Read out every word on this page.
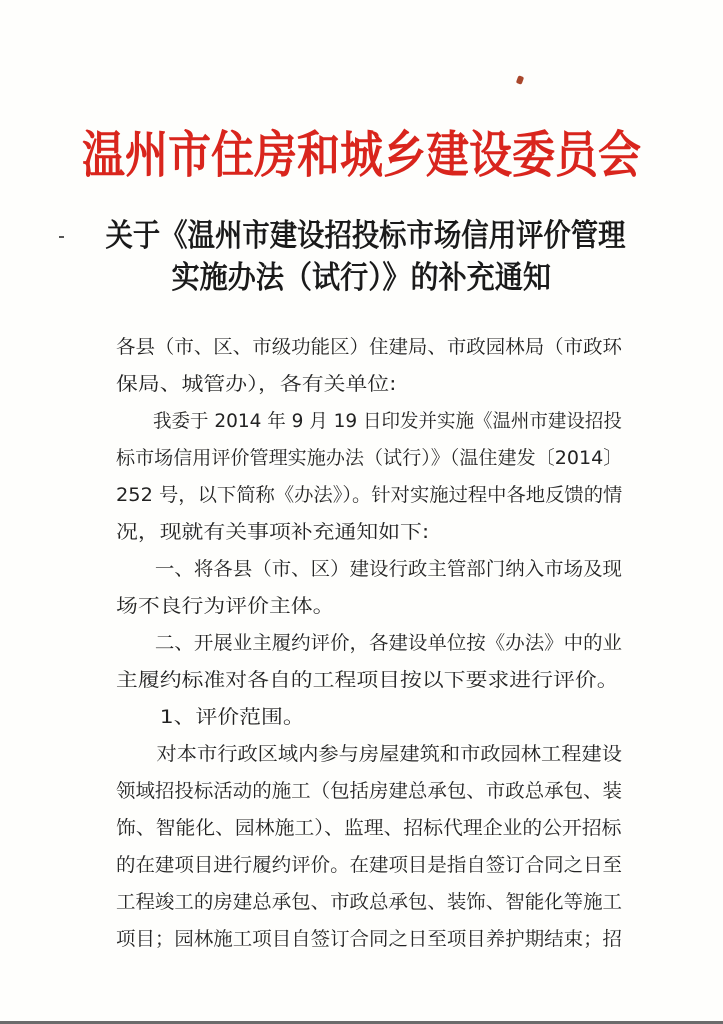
温州市住房和城乡建设委员会
关于《温州市建设招投标市场信用评价管理
实施办法（试行）》的补充通知
各县（市、区、市级功能区）住建局、市政园林局（市政环
保局、城管办），各有关单位:
　　我委于 2014 年 9 月 19 日印发并实施《温州市建设招投
标市场信用评价管理实施办法（试行）》（温住建发〔2014〕
252 号，以下简称《办法》）。针对实施过程中各地反馈的情
况，现就有关事项补充通知如下:
　　一、将各县（市、区）建设行政主管部门纳入市场及现
场不良行为评价主体。
　　二、开展业主履约评价，各建设单位按《办法》中的业
主履约标准对各自的工程项目按以下要求进行评价。
　　1、评价范围。
　　对本市行政区域内参与房屋建筑和市政园林工程建设
领域招投标活动的施工（包括房建总承包、市政总承包、装
饰、智能化、园林施工）、监理、招标代理企业的公开招标
的在建项目进行履约评价。在建项目是指自签订合同之日至
工程竣工的房建总承包、市政总承包、装饰、智能化等施工
项目；园林施工项目自签订合同之日至项目养护期结束；招
